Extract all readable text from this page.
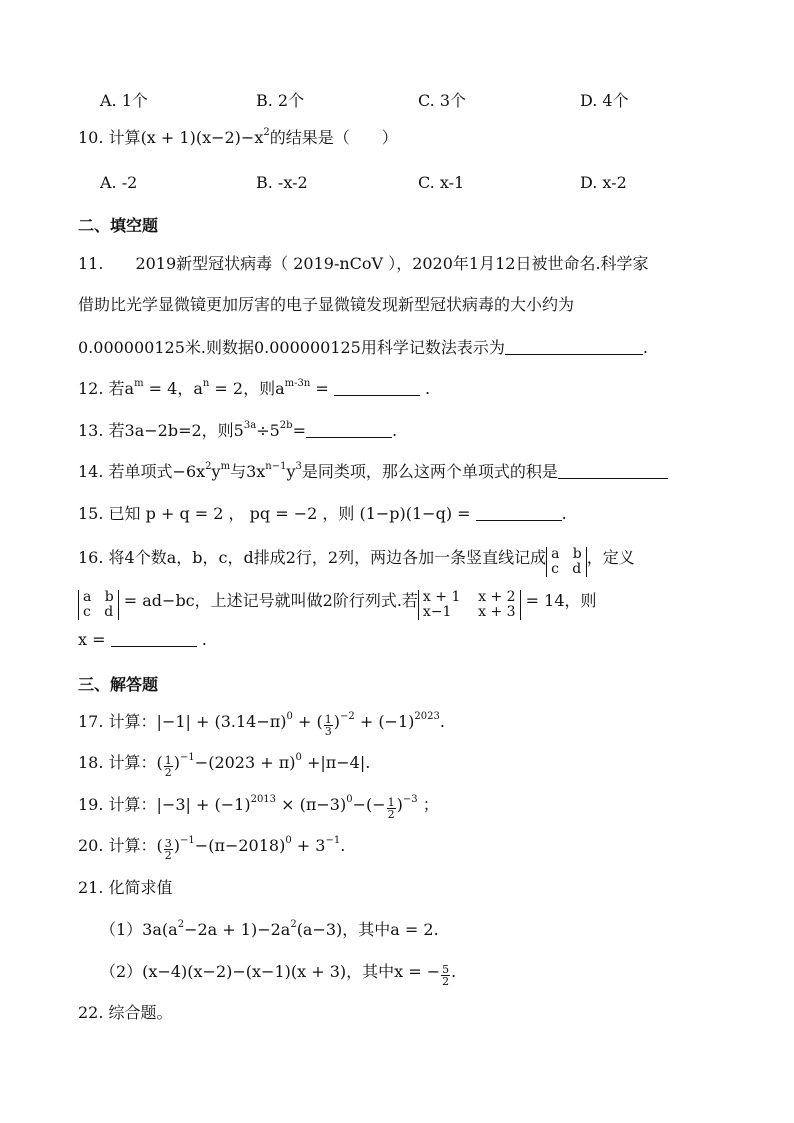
A. 1个	B. 2个	C. 3个	D. 4个
10. 计算$(x + 1)(x-2)-x^2$的结果是（　　）
A. -2	B. -x-2	C. x-1	D. x-2
二、填空题
11.　　2019新型冠状病毒（ 2019-nCoV ），2020年1月12日被世命名.科学家
借助比光学显微镜更加厉害的电子显微镜发现新型冠状病毒的大小约为
0.000000125米.则数据0.000000125用科学记数法表示为	.
12. 若$a^m = 4$，$a^n = 2$，则$a^{m-3n}$ =	.
13. 若3a−2b=2，则$5^{3a}\div 5^{2b}=$	.
14. 若单项式$-6x^2y^m$与$3x^{n-1}y^3$是同类项，那么这两个单项式的积是
15. 已知 p + q = 2 ， pq = −2 ，则 (1−p)(1−q) =	.
16. 将4个数a，b，c，d排成2行，2列，两边各加一条竖直线记成 a   b
c   d
，定义
a   b
c   d
= ad−bc，上述记号就叫做2阶行列式.若 x + 1    x + 2
x−1      x + 3
= 14，则
x =	.
三、解答题
17. 计算：$|-1| + (3.14-\pi)^0$ + ( $\frac{1}{3} )^{-2} + (-1)^{2023}$.
18. 计算：( $\frac{1}{2} )^{-1}-(2023 + \pi)^0 +|\pi-4|$.
19. 计算：$|-3| + (-1)^{2013} \times (\pi-3)^0-(- \frac{1}{2} )^{-3}$ ；
20. 计算：( $\frac{3}{2} )^{-1}-(\pi-2018)^0 + 3^{-1}$.
21. 化简求值
$(1)3a(a^2-2a + 1)-2a^2(a-3)$，其中a = 2.
（2）(x−4)(x−2)−(x−1)(x + 3)，其中x = − $\frac{5}{2}$ .
22. 综合题。
